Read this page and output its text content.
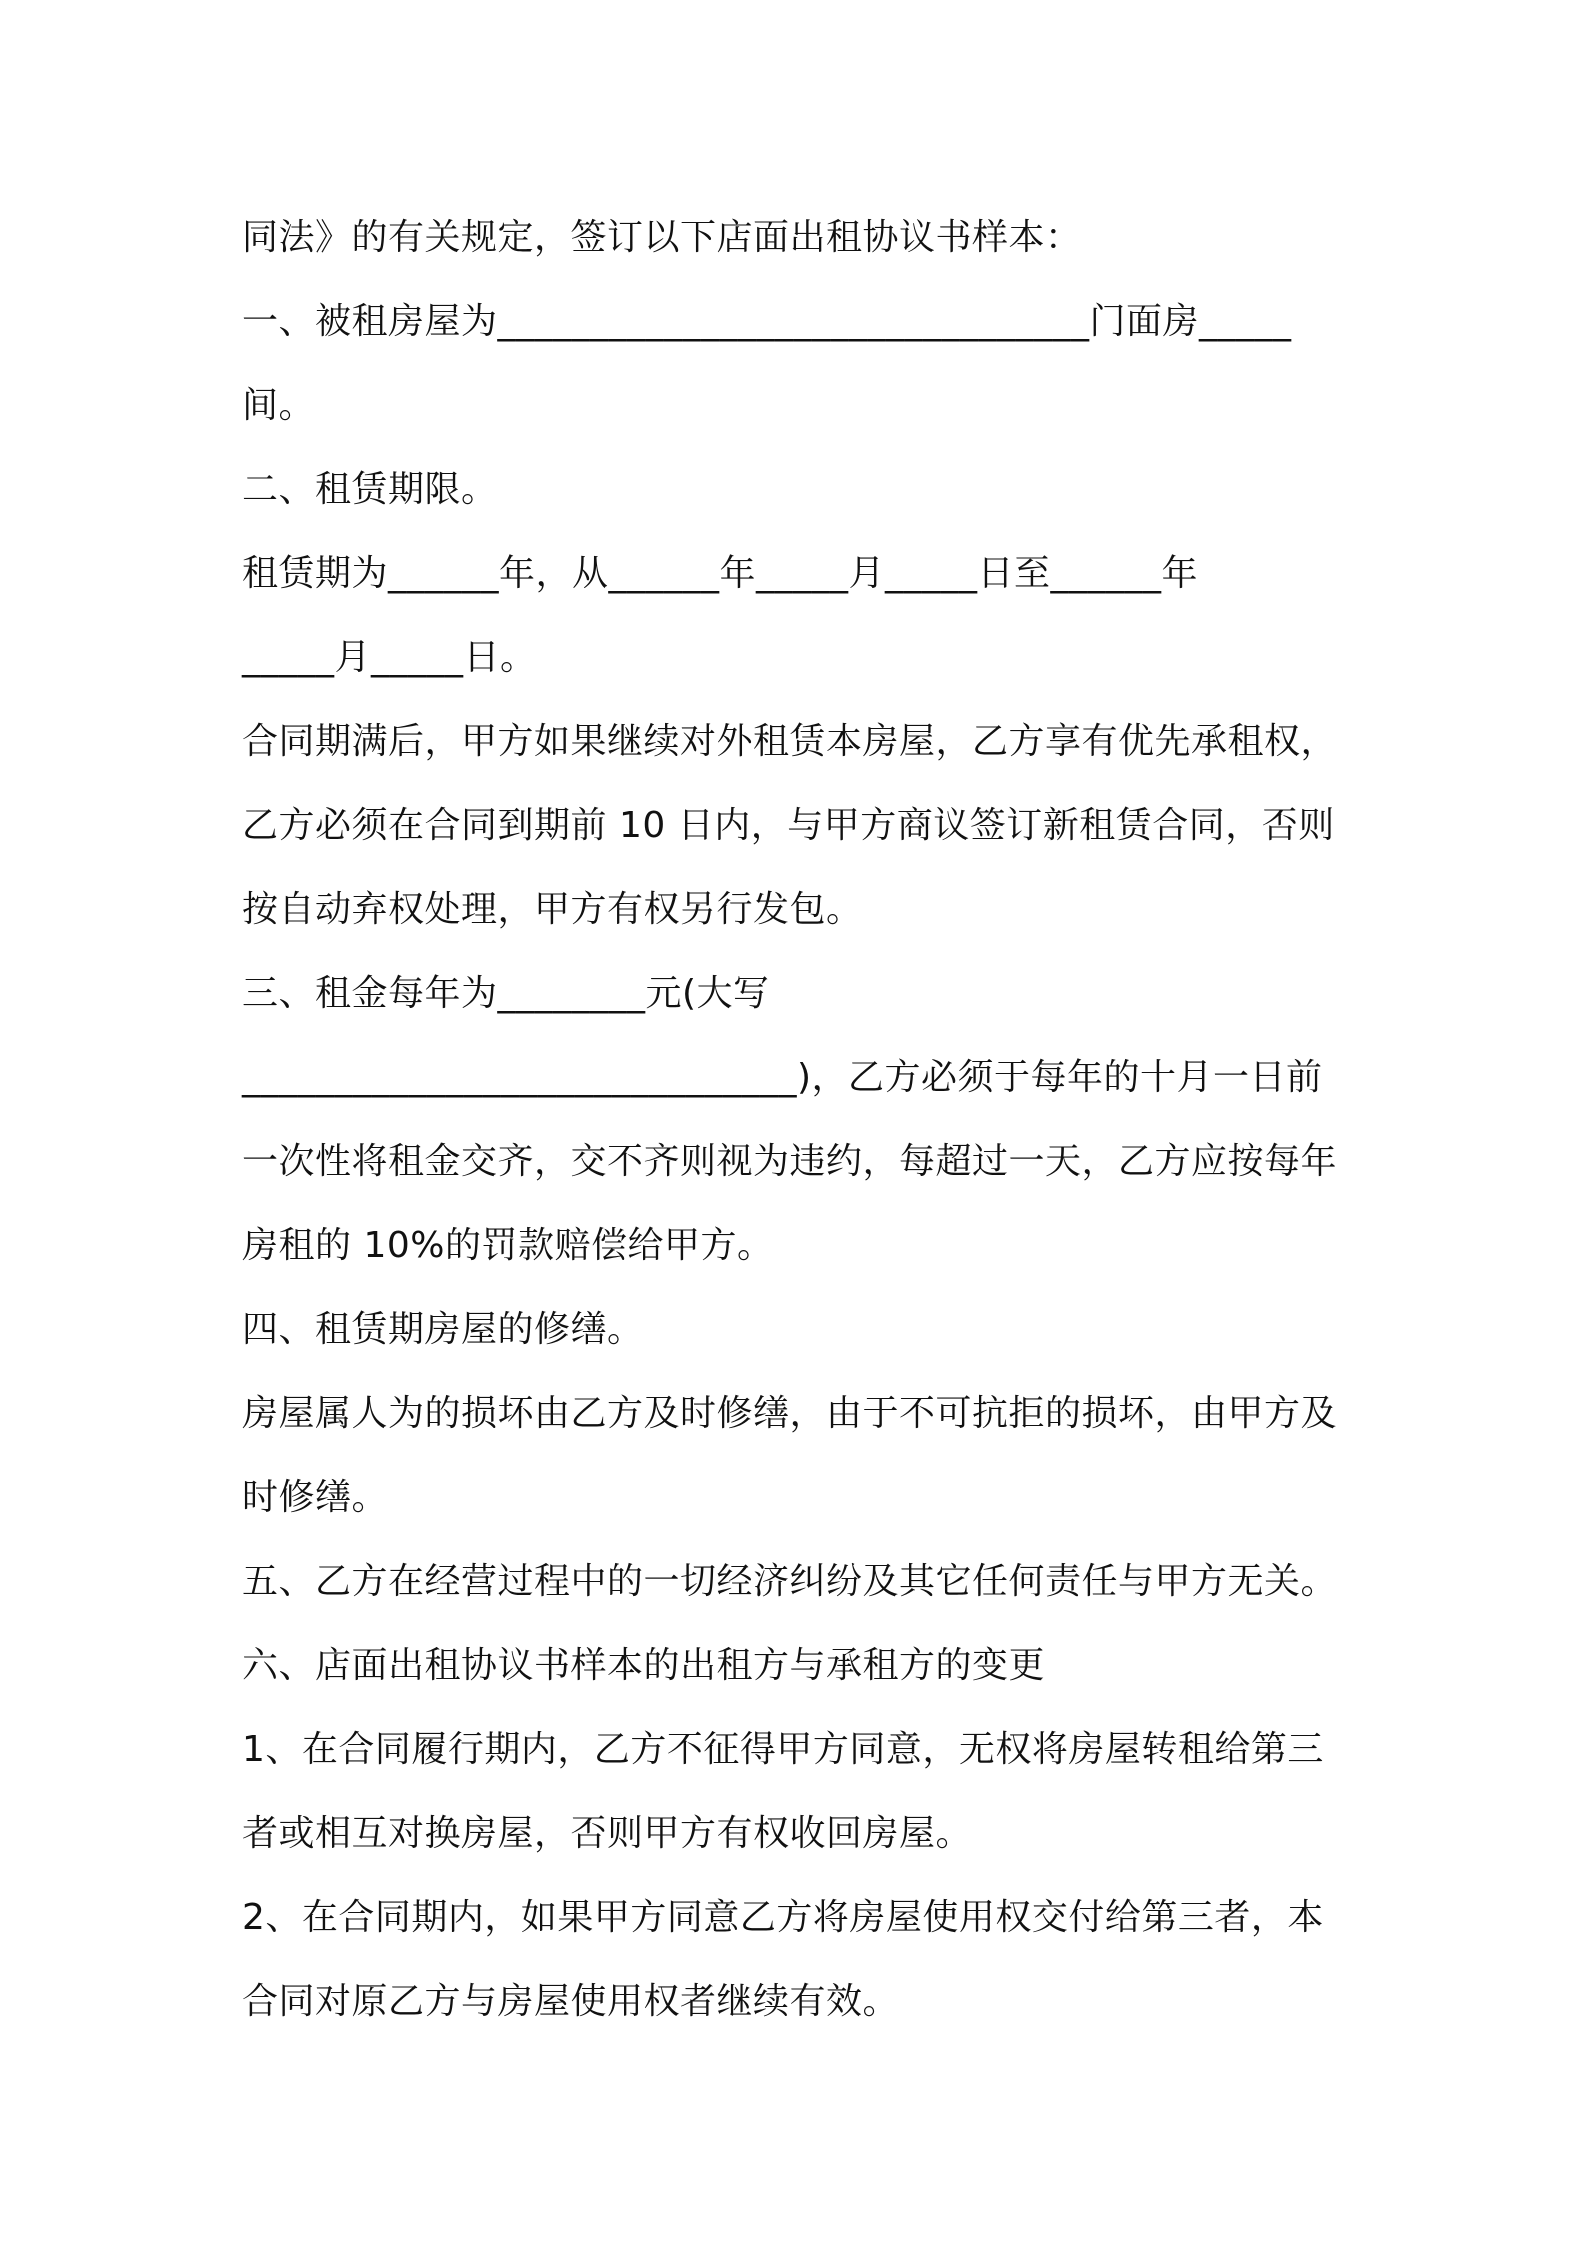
同法》的有关规定，签订以下店面出租协议书样本：
一、被租房屋为________________________________门面房_____
间。
二、租赁期限。
租赁期为______年，从______年_____月_____日至______年
_____月_____日。
合同期满后，甲方如果继续对外租赁本房屋，乙方享有优先承租权，
乙方必须在合同到期前 10 日内，与甲方商议签订新租赁合同，否则
按自动弃权处理，甲方有权另行发包。
三、租金每年为________元(大写
______________________________)，乙方必须于每年的十月一日前
一次性将租金交齐，交不齐则视为违约，每超过一天，乙方应按每年
房租的 10%的罚款赔偿给甲方。
四、租赁期房屋的修缮。
房屋属人为的损坏由乙方及时修缮，由于不可抗拒的损坏，由甲方及
时修缮。
五、乙方在经营过程中的一切经济纠纷及其它任何责任与甲方无关。
六、店面出租协议书样本的出租方与承租方的变更
1、在合同履行期内，乙方不征得甲方同意，无权将房屋转租给第三
者或相互对换房屋，否则甲方有权收回房屋。
2、在合同期内，如果甲方同意乙方将房屋使用权交付给第三者，本
合同对原乙方与房屋使用权者继续有效。
